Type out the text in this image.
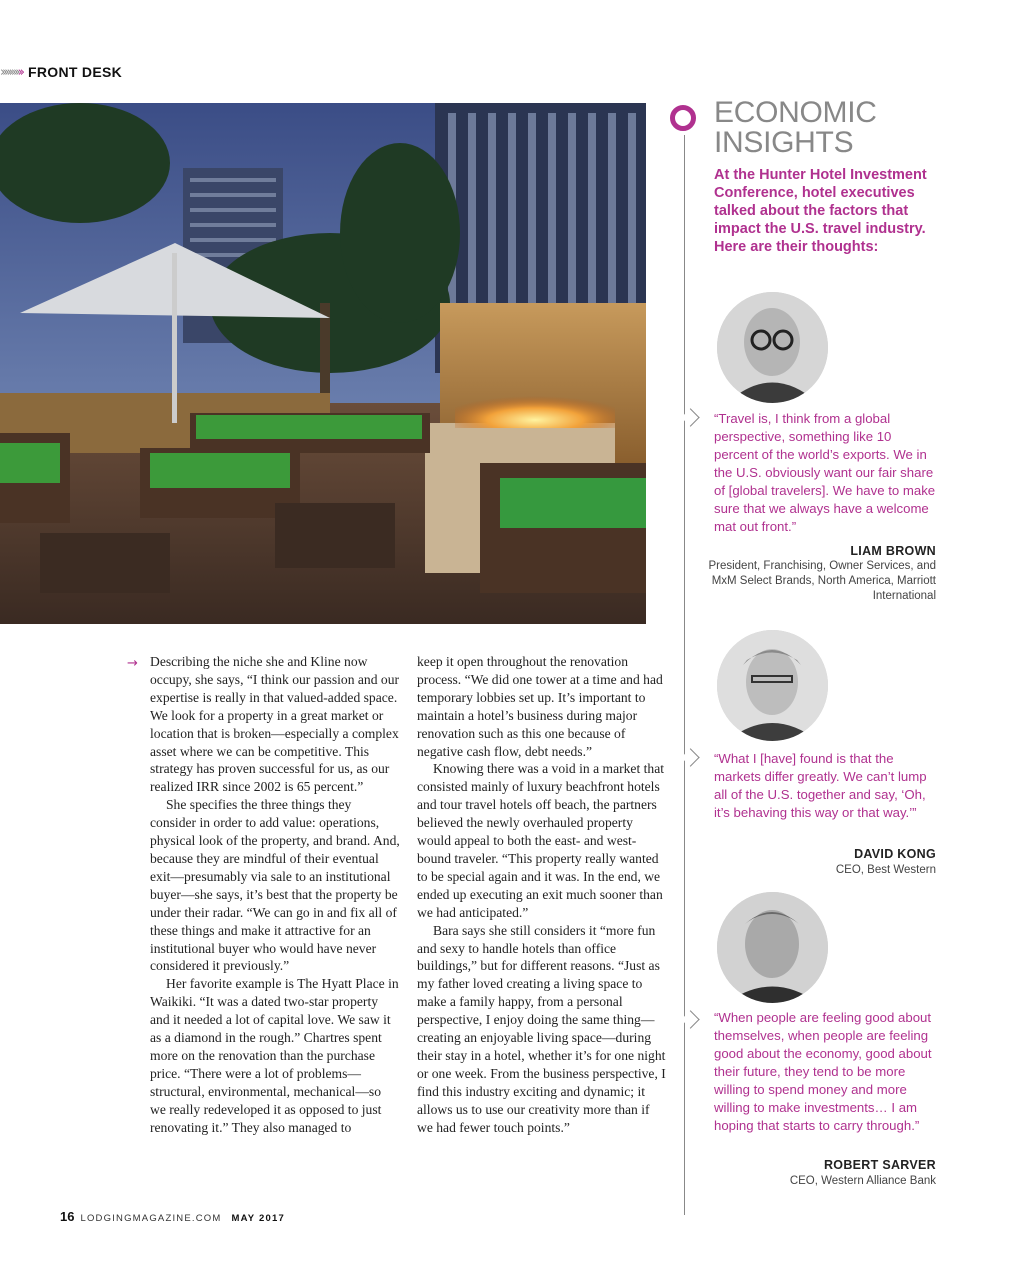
›››››››››› FRONT DESK
ECONOMIC
INSIGHTS
At the Hunter Hotel Investment Conference, hotel executives talked about the factors that impact the U.S. travel industry. Here are their thoughts:
“Travel is, I think from a global perspective, something like 10 percent of the world’s exports. We in the U.S. obviously want our fair share of [global travelers]. We have to make sure that we always have a welcome mat out front.”
LIAM BROWN
President, Franchising, Owner Services, and MxM Select Brands, North America, Marriott International
“What I [have] found is that the markets differ greatly. We can’t lump all of the U.S. together and say, ‘Oh, it’s behaving this way or that way.’”
DAVID KONG
CEO, Best Western
“When people are feeling good about themselves, when people are feeling good about the economy, good about their future, they tend to be more willing to spend money and more willing to make investments… I am hoping that starts to carry through.”
ROBERT SARVER
CEO, Western Alliance Bank
→ Describing the niche she and Kline now occupy, she says, “I think our passion and our expertise is really in that valued-added space. We look for a property in a great market or location that is broken—especially a complex asset where we can be competitive. This strategy has proven successful for us, as our realized IRR since 2002 is 65 percent.”

She specifies the three things they consider in order to add value: operations, physical look of the property, and brand. And, because they are mindful of their eventual exit—presumably via sale to an institutional buyer—she says, it’s best that the property be under their radar. “We can go in and fix all of these things and make it attractive for an institutional buyer who would have never considered it previously.”

Her favorite example is The Hyatt Place in Waikiki. “It was a dated two-star property and it needed a lot of capital love. We saw it as a diamond in the rough.” Chartres spent more on the renovation than the purchase price. “There were a lot of problems—structural, environmental, mechanical—so we really redeveloped it as opposed to just renovating it.” They also managed to

keep it open throughout the renovation process. “We did one tower at a time and had temporary lobbies set up. It’s important to maintain a hotel’s business during major renovation such as this one because of negative cash flow, debt needs.”

Knowing there was a void in a market that consisted mainly of luxury beachfront hotels and tour travel hotels off beach, the partners believed the newly overhauled property would appeal to both the east- and west-bound traveler. “This property really wanted to be special again and it was. In the end, we ended up executing an exit much sooner than we had anticipated.”

Bara says she still considers it “more fun and sexy to handle hotels than office buildings,” but for different reasons. “Just as my father loved creating a living space to make a family happy, from a personal perspective, I enjoy doing the same thing—creating an enjoyable living space—during their stay in a hotel, whether it’s for one night or one week. From the business perspective, I find this industry exciting and dynamic; it allows us to use our creativity more than if we had fewer touch points.”

16 LODGINGMAGAZINE.COM MAY 2017
